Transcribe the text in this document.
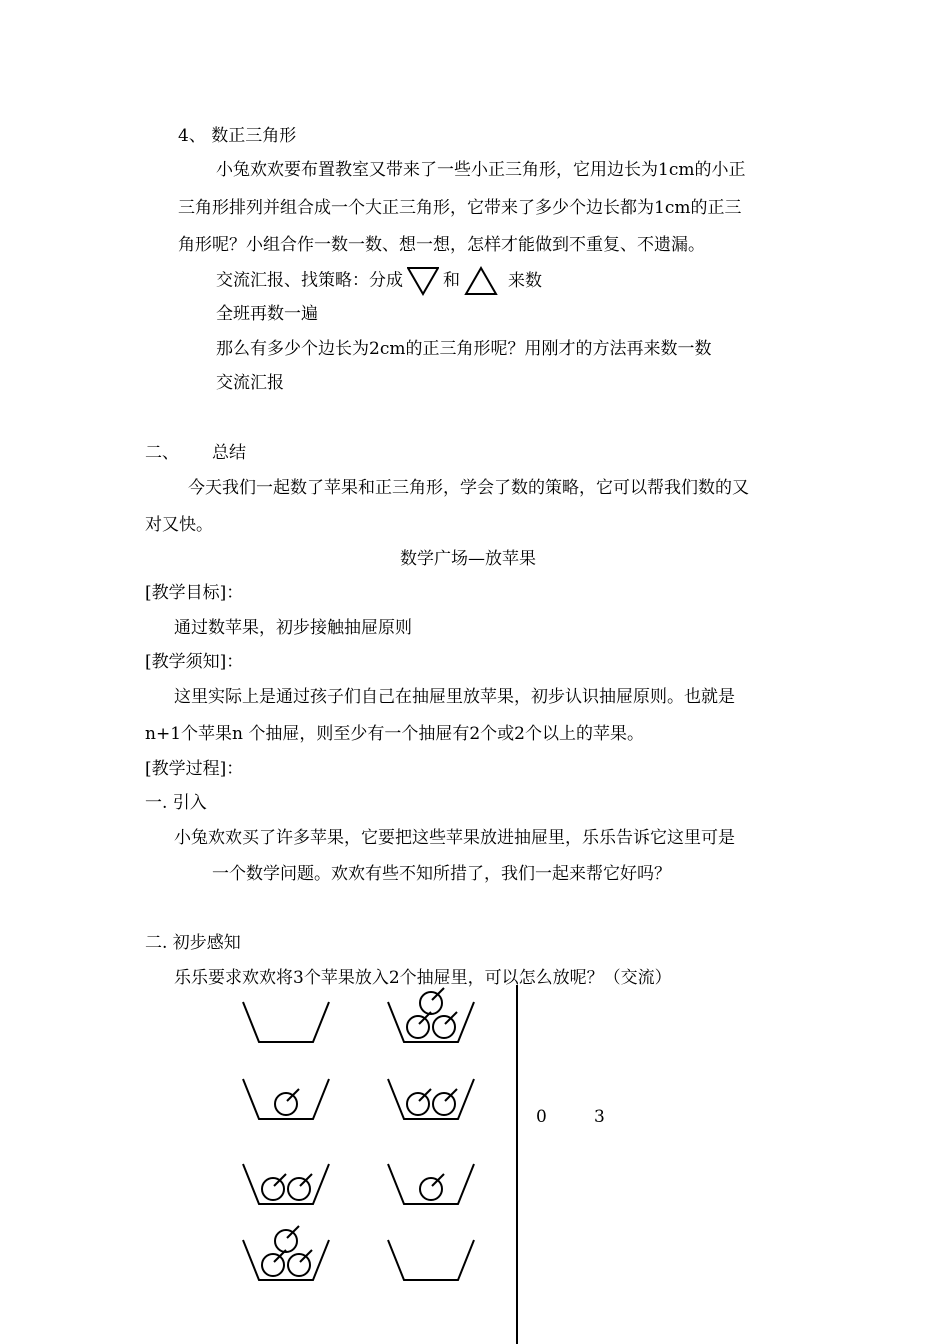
4、 数正三角形
小兔欢欢要布置教室又带来了一些小正三角形，它用边长为1cm的小正
三角形排列并组合成一个大正三角形，它带来了多少个边长都为1cm的正三
角形呢？小组合作一数一数、想一想，怎样才能做到不重复、不遗漏。
交流汇报、找策略：分成 和	来数
全班再数一遍
那么有多少个边长为2cm的正三角形呢？用刚才的方法再来数一数
交流汇报
二、 总结
今天我们一起数了苹果和正三角形，学会了数的策略，它可以帮我们数的又
对又快。
数学广场—放苹果
[教学目标]：
通过数苹果，初步接触抽屉原则
[教学须知]：
这里实际上是通过孩子们自己在抽屉里放苹果，初步认识抽屉原则。也就是
n+1个苹果n 个抽屉，则至少有一个抽屉有2个或2个以上的苹果。
[教学过程]：
一. 引入
小兔欢欢买了许多苹果，它要把这些苹果放进抽屉里，乐乐告诉它这里可是
一个数学问题。欢欢有些不知所措了，我们一起来帮它好吗？
二. 初步感知
乐乐要求欢欢将3个苹果放入2个抽屉里，可以怎么放呢？（交流）
0	3
